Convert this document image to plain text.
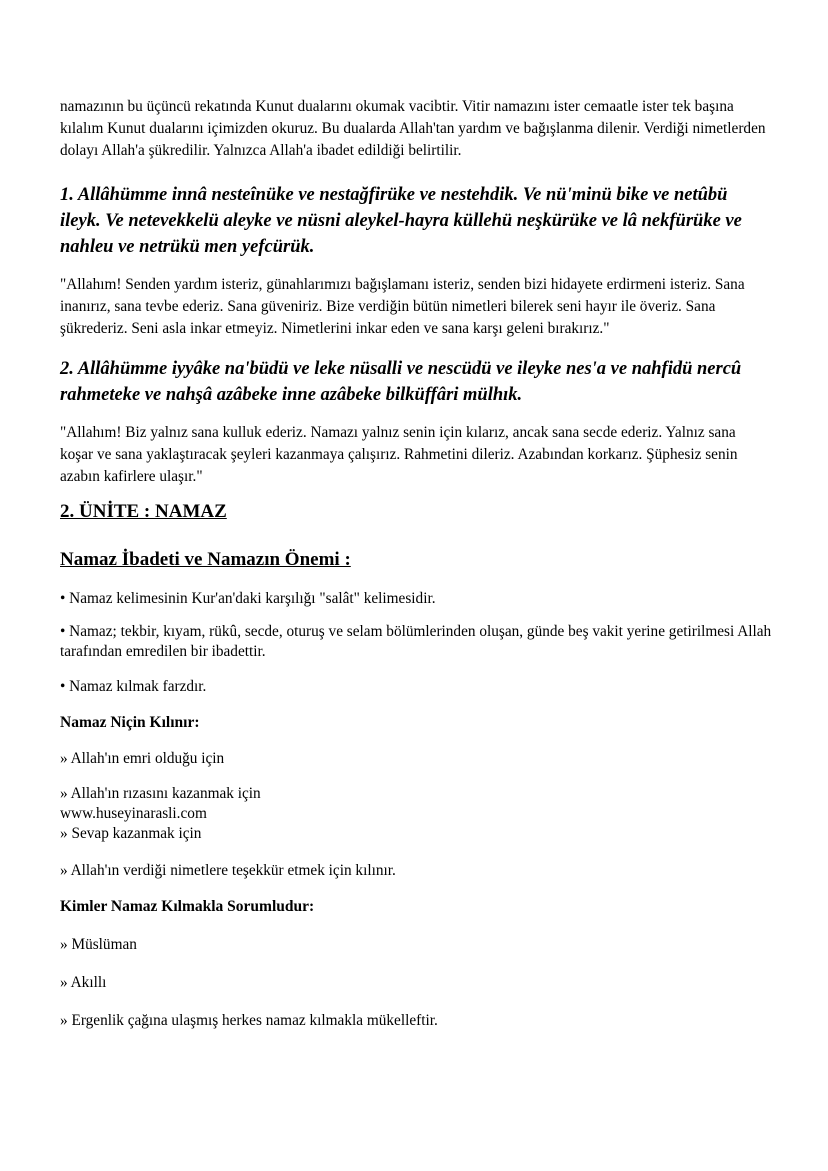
namazının bu üçüncü rekatında Kunut dualarını okumak vacibtir. Vitir namazını ister cemaatle ister tek başına kılalım Kunut dualarını içimizden okuruz. Bu dualarda Allah'tan yardım ve bağışlanma dilenir. Verdiği nimetlerden dolayı Allah'a şükredilir. Yalnızca Allah'a ibadet edildiği belirtilir.

1. Allâhümme innâ nesteînüke ve nestağfirüke ve nestehdik. Ve nü'minü bike ve netûbü ileyk. Ve netevekkelü aleyke ve nüsni aleykel-hayra küllehü neşkürüke ve lâ nekfürüke ve nahleu ve netrükü men yefcürük.

"Allahım! Senden yardım isteriz, günahlarımızı bağışlamanı isteriz, senden bizi hidayete erdirmeni isteriz. Sana inanırız, sana tevbe ederiz. Sana güveniriz. Bize verdiğin bütün nimetleri bilerek seni hayır ile överiz. Sana şükrederiz. Seni asla inkar etmeyiz. Nimetlerini inkar eden ve sana karşı geleni bırakırız."

2. Allâhümme iyyâke na'büdü ve leke nüsalli ve nescüdü ve ileyke nes'a ve nahfidü nercû rahmeteke ve nahşâ azâbeke inne azâbeke bilküffâri mülhık.

"Allahım! Biz yalnız sana kulluk ederiz. Namazı yalnız senin için kılarız, ancak sana secde ederiz. Yalnız sana koşar ve sana yaklaştıracak şeyleri kazanmaya çalışırız. Rahmetini dileriz. Azabından korkarız. Şüphesiz senin azabın kafirlere ulaşır."

2. ÜNİTE : NAMAZ

Namaz İbadeti ve Namazın Önemi :

• Namaz kelimesinin Kur'an'daki karşılığı "salât" kelimesidir.

• Namaz; tekbir, kıyam, rükû, secde, oturuş ve selam bölümlerinden oluşan, günde beş vakit yerine getirilmesi Allah tarafından emredilen bir ibadettir.

• Namaz kılmak farzdır.

Namaz Niçin Kılınır:

» Allah'ın emri olduğu için

» Allah'ın rızasını kazanmak için

www.huseyinarasli.com

» Sevap kazanmak için

» Allah'ın verdiği nimetlere teşekkür etmek için kılınır.

Kimler Namaz Kılmakla Sorumludur:

» Müslüman

» Akıllı

» Ergenlik çağına ulaşmış herkes namaz kılmakla mükelleftir.
